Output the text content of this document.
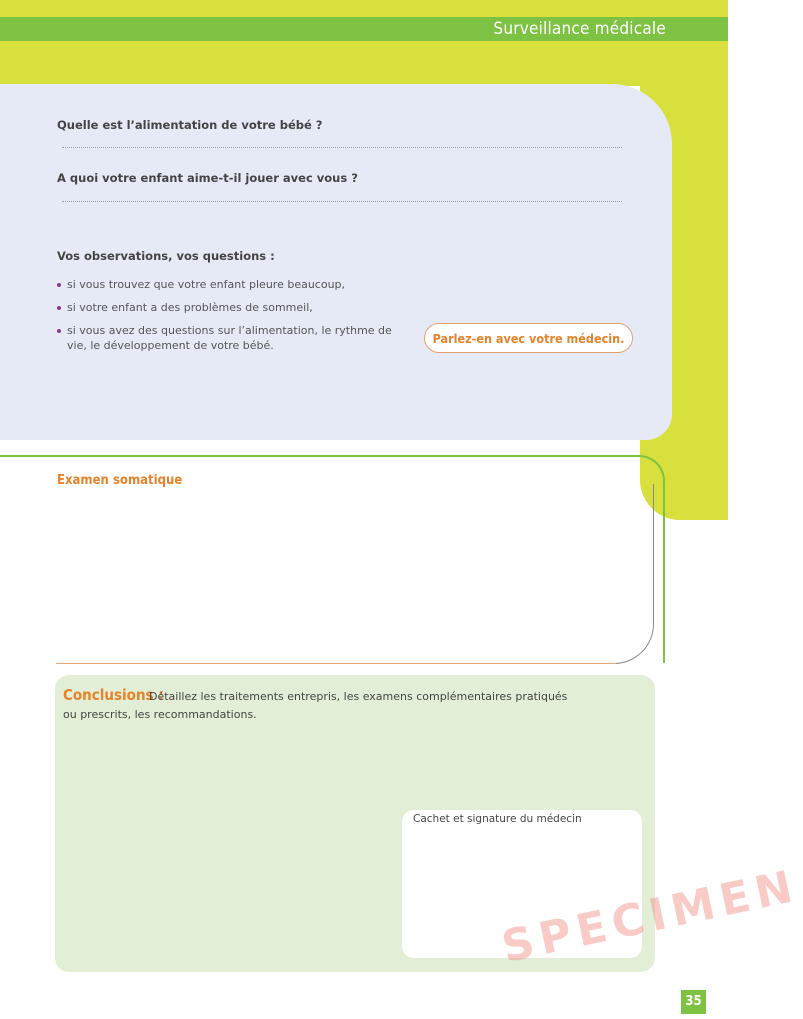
Surveillance médicale
Quelle est l’alimentation de votre bébé ?
A quoi votre enfant aime-t-il jouer avec vous ?
Vos observations, vos questions :
si vous trouvez que votre enfant pleure beaucoup,
si votre enfant a des problèmes de sommeil,
si vous avez des questions sur l’alimentation, le rythme de vie, le développement de votre bébé.	Parlez-en avec votre médecin.
Examen somatique
Conclusions :
Détaillez les traitements entrepris, les examens complémentaires pratiqués
ou prescrits, les recommandations.
Cachet et signature du médecin
SPECIMEN
35
